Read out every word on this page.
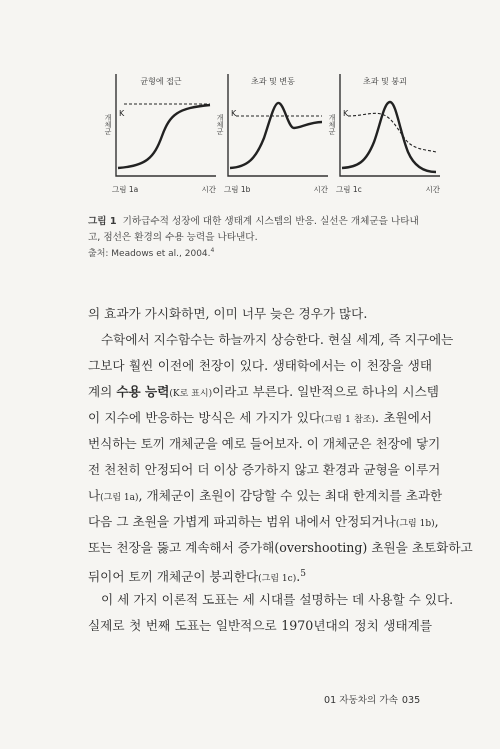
균형에 접근
개체군
K
그림 1a	시간
초과 및 변동
개체군
K
그림 1b	시간
초과 및 붕괴
개체군
K
그림 1c	시간
그림 1 기하급수적 성장에 대한 생태계 시스템의 반응. 실선은 개체군을 나타내고, 점선은 환경의 수용 능력을 나타낸다.
출처: Meadows et al., 2004.$^4$
의 효과가 가시화하면, 이미 너무 늦은 경우가 많다.
수학에서 지수함수는 하늘까지 상승한다. 현실 세계, 즉 지구에는
그보다 훨씬 이전에 천장이 있다. 생태학에서는 이 천장을 생태
계의 수용 능력(K로 표시)이라고 부른다. 일반적으로 하나의 시스템
이 지수에 반응하는 방식은 세 가지가 있다(그림 1 참조). 초원에서
번식하는 토끼 개체군을 예로 들어보자. 이 개체군은 천장에 닿기
전 천천히 안정되어 더 이상 증가하지 않고 환경과 균형을 이루거
나(그림 1a), 개체군이 초원이 감당할 수 있는 최대 한계치를 초과한
다음 그 초원을 가볍게 파괴하는 범위 내에서 안정되거나(그림 1b),
또는 천장을 뚫고 계속해서 증가해(overshooting) 초원을 초토화하고
뒤이어 토끼 개체군이 붕괴한다(그림 1c).$^5$
이 세 가지 이론적 도표는 세 시대를 설명하는 데 사용할 수 있다.
실제로 첫 번째 도표는 일반적으로 1970년대의 정치 생태계를
01 자동차의 가속 035
